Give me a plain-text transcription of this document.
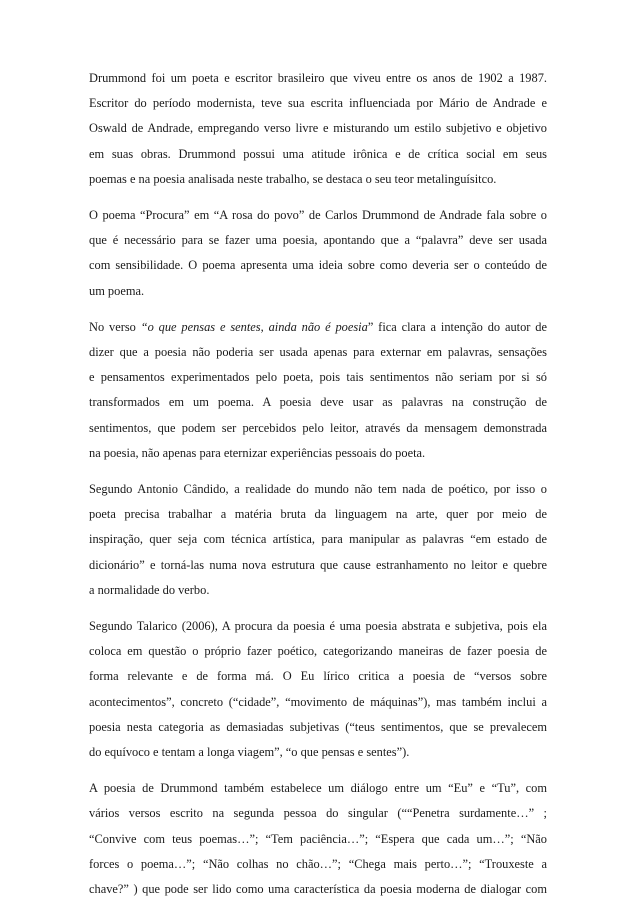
Drummond foi um poeta e escritor brasileiro que viveu entre os anos de 1902 a 1987.
Escritor do período modernista, teve sua escrita influenciada por Mário de Andrade e
Oswald de Andrade, empregando verso livre e misturando um estilo subjetivo e objetivo
em suas obras. Drummond possui uma atitude irônica e de crítica social em seus
poemas e na poesia analisada neste trabalho, se destaca o seu teor metalinguísitco.
O poema “Procura” em “A rosa do povo” de Carlos Drummond de Andrade fala sobre o
que é necessário para se fazer uma poesia, apontando que a “palavra” deve ser usada
com sensibilidade. O poema apresenta uma ideia sobre como deveria ser o conteúdo de
um poema.
No verso “o que pensas e sentes, ainda não é poesia” fica clara a intenção do autor de
dizer que a poesia não poderia ser usada apenas para externar em palavras, sensações
e pensamentos experimentados pelo poeta, pois tais sentimentos não seriam por si só
transformados em um poema. A poesia deve usar as palavras na construção de
sentimentos, que podem ser percebidos pelo leitor, através da mensagem demonstrada
na poesia, não apenas para eternizar experiências pessoais do poeta.
Segundo Antonio Cândido, a realidade do mundo não tem nada de poético, por isso o
poeta precisa trabalhar a matéria bruta da linguagem na arte, quer por meio de
inspiração, quer seja com técnica artística, para manipular as palavras “em estado de
dicionário” e torná-las numa nova estrutura que cause estranhamento no leitor e quebre
a normalidade do verbo.
Segundo Talarico (2006), A procura da poesia é uma poesia abstrata e subjetiva, pois ela
coloca em questão o próprio fazer poético, categorizando maneiras de fazer poesia de
forma relevante e de forma má. O Eu lírico critica a poesia de “versos sobre
acontecimentos”, concreto (“cidade”, “movimento de máquinas”), mas também inclui a
poesia nesta categoria as demasiadas subjetivas (“teus sentimentos, que se prevalecem
do equívoco e tentam a longa viagem”, “o que pensas e sentes”).
A poesia de Drummond também estabelece um diálogo entre um “Eu” e “Tu”, com
vários versos escrito na segunda pessoa do singular (““Penetra surdamente…” ;
“Convive com teus poemas…”; “Tem paciência…”; “Espera que cada um…”; “Não
forces o poema…”; “Não colhas no chão…”; “Chega mais perto…”; “Trouxeste a
chave?” ) que pode ser lido como uma característica da poesia moderna de dialogar com
